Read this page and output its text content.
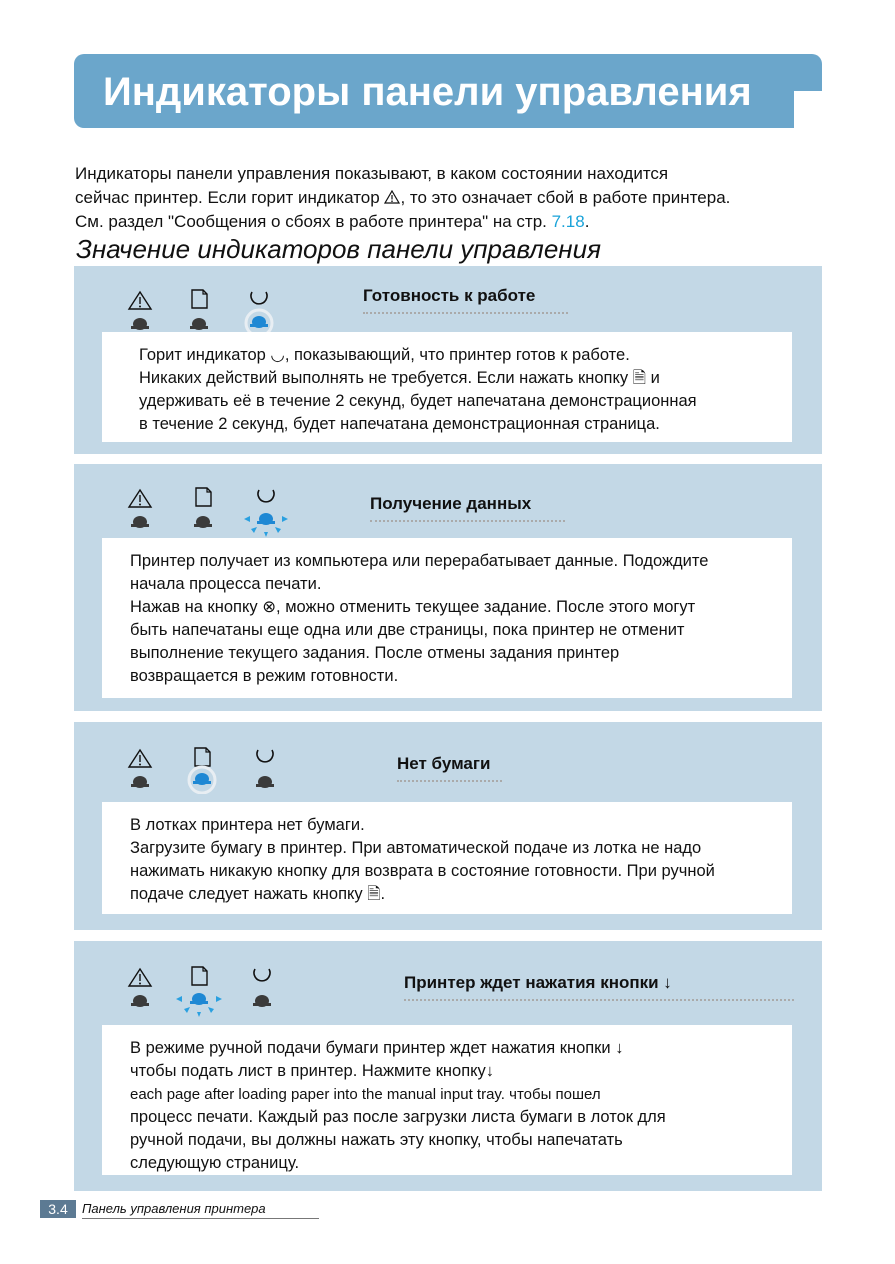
Индикаторы панели управления

Индикаторы панели управления показывают, в каком состоянии находится
сейчас принтер. Если горит индикатор , то это означает сбой в работе принтера.
См. раздел "Сообщения о сбоях в работе принтера" на стр. 7.18.

Значение индикаторов панели управления
Готовность к работе

Горит индикатор ◡, показывающий, что принтер готов к работе.
Никаких действий выполнять не требуется. Если нажать кнопку 🗎 и
удерживать её в течение 2 секунд, будет напечатана демонстрационная
в течение 2 секунд, будет напечатана демонстрационная страница.

Получение данных

Принтер получает из компьютера или перерабатывает данные. Подождите
начала процесса печати.
Нажав на кнопку ⊗, можно отменить текущее задание. После этого могут
быть напечатаны еще одна или две страницы, пока принтер не отменит
выполнение текущего задания. После отмены задания принтер
возвращается в режим готовности.

Нет бумаги

В лотках принтера нет бумаги.
Загрузите бумагу в принтер. При автоматической подаче из лотка не надо
нажимать никакую кнопку для возврата в состояние готовности. При ручной
подаче следует нажать кнопку 🗎.

Принтер ждет нажатия кнопки ↓

В режиме ручной подачи бумаги принтер ждет нажатия кнопки ↓
чтобы подать лист в принтер. Нажмите кнопку↓
each page after loading paper into the manual input tray. чтобы пошел
процесс печати. Каждый раз после загрузки листа бумаги в лоток для
ручной подачи, вы должны нажать эту кнопку, чтобы напечатать
следующую страницу.

3.4	Панель управления принтера
